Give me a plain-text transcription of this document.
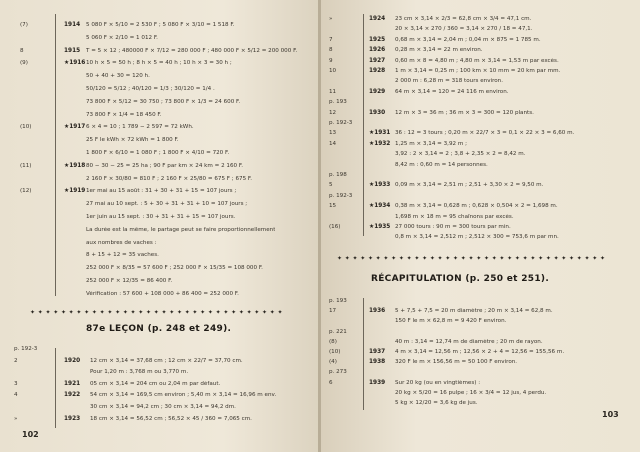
(7)	1914 5 080 F × 5/10 = 2 530 F ; 5 080 F × 3/10 = 1 518 F.
5 060 F × 2/10 = 1 012 F.
8	1915 T = 5 × 12 ; 480000 F × 7/12 = 280 000 F ; 480 000 F × 5/12 = 200 000 F.
(9)	★1916 10 h × 5 = 50 h ; 8 h × 5 = 40 h ; 10 h × 3 = 30 h ;
50 + 40 + 30 = 120 h.
50/120 = 5/12 ; 40/120 = 1/3 ; 30/120 = 1/4 .
73 800 F × 5/12 = 30 750 ; 73 800 F × 1/3 = 24 600 F.
73 800 F × 1/4 = 18 450 F.
(10)	★1917 6 × 4 = 10 ; 1 789 − 2 597 = 72 kWh.
25 F le kWh × 72 kWh = 1 800 F.
1 800 F × 6/10 = 1 080 F ; 1 800 F × 4/10 = 720 F.
(11)	★1918 80 − 30 − 25 = 25 ha ; 90 F par km × 24 km = 2 160 F.
2 160 F × 30/80 = 810 F ; 2 160 F × 25/80 = 675 F ; 675 F.
(12)	★1919 1er mai au 15 août : 31 + 30 + 31 + 15 = 107 jours ;
27 mai au 10 sept. : 5 + 30 + 31 + 31 + 10 = 107 jours ;
1er juin au 15 sept. : 30 + 31 + 31 + 15 = 107 jours.
La durée est la même, le partage peut se faire proportionnellement
aux nombres de vaches :
8 + 15 + 12 = 35 vaches.
252 000 F × 8/35 = 57 600 F ; 252 000 F × 15/35 = 108 000 F.
252 000 F × 12/35 = 86 400 F.
Vérification : 57 600 + 108 000 + 86 400 = 252 000 F.
✦ ✦ ✦ ✦ ✦ ✦ ✦ ✦ ✦ ✦ ✦ ✦ ✦ ✦ ✦ ✦ ✦ ✦ ✦ ✦ ✦ ✦ ✦ ✦ ✦ ✦ ✦ ✦ ✦ ✦ ✦ ✦ ✦
87e LEÇON (p. 248 et 249).
p. 192-3
2	1920 12 cm × 3,14 = 37,68 cm ; 12 cm × 22/7 = 37,70 cm.
Pour 1,20 m : 3,768 m ou 3,770 m.
3	1921 05 cm × 3,14 = 204 cm ou 2,04 m par défaut.
4	1922 54 cm × 3,14 = 169,5 cm environ ; 5,40 m × 3,14 = 16,96 m env.
30 cm × 3,14 = 94,2 cm ; 30 cm × 3,14 = 94,2 dm.
»	1923 18 cm × 3,14 = 56,52 cm ; 56,52 × 45 / 360 = 7,065 cm.
102
»	1924 23 cm × 3,14 × 2/3 = 62,8 cm × 3/4 = 47,1 cm.
20 × 3,14 × 270 / 360 = 3,14 × 270 / 18 = 47,1.
7	1925 0,68 m × 3,14 = 2,04 m ; 0,04 m × 875 = 1 785 m.
8	1926 0,28 m × 3,14 = 22 m environ.
9	1927 0,60 m × 8 = 4,80 m ; 4,80 m × 3,14 = 1,53 m par excès.
10	1928 1 m × 3,14 = 0,25 m ; 100 km × 10 mm = 20 km par mm.
2 000 m : 6,28 m = 318 tours environ.
11	1929 64 m × 3,14 = 120 = 24 116 m environ.
p. 193
12	1930 12 m × 3 = 36 m ; 36 m × 3 = 300 = 120 plants.
p. 192-3
13	★1931 36 : 12 = 3 tours ; 0,20 m × 22/7 × 3 = 0,1 × 22 × 3 = 6,60 m.
14	★1932 1,25 m × 3,14 = 3,92 m ;
3,92 : 2 × 3,14 = 2 ; 3,8 + 2,35 × 2 = 8,42 m.
8,42 m : 0,60 m = 14 personnes.
p. 198
5	★1933 0,09 m × 3,14 = 2,51 m ; 2,51 + 3,30 × 2 = 9,50 m.
p. 192-3
15	★1934 0,38 m × 3,14 = 0,628 m ; 0,628 × 0,504 × 2 = 1,698 m.
1,698 m × 18 m = 95 chaînons par excès.
(16)	★1935 27 000 tours : 90 m = 300 tours par min.
0,8 m × 3,14 = 2,512 m ; 2,512 × 300 = 753,6 m par mn.
✦ ✦ ✦ ✦ ✦ ✦ ✦ ✦ ✦ ✦ ✦ ✦ ✦ ✦ ✦ ✦ ✦ ✦ ✦ ✦ ✦ ✦ ✦ ✦ ✦ ✦ ✦ ✦ ✦ ✦ ✦ ✦ ✦ ✦ ✦
RÉCAPITULATION (p. 250 et 251).
p. 193
17	1936 5 + 7,5 + 7,5 = 20 m diamètre ; 20 m × 3,14 = 62,8 m.
150 F le m × 62,8 m = 9 420 F environ.
p. 221
(8)	40 m : 3,14 = 12,74 m de diamètre ; 20 m de rayon.
(10)	1937 4 m × 3,14 = 12,56 m ; 12,56 × 2 + 4 = 12,56 = 155,56 m.
(4)	1938 320 F le m × 156,56 m = 50 100 F environ.
p. 273
6	1939 Sur 20 kg (ou en vingtièmes) :
20 kg × 5/20 = 16 pulpe ; 16 × 3/4 = 12 jus, 4 perdu.
5 kg × 12/20 = 3,6 kg de jus.
103
